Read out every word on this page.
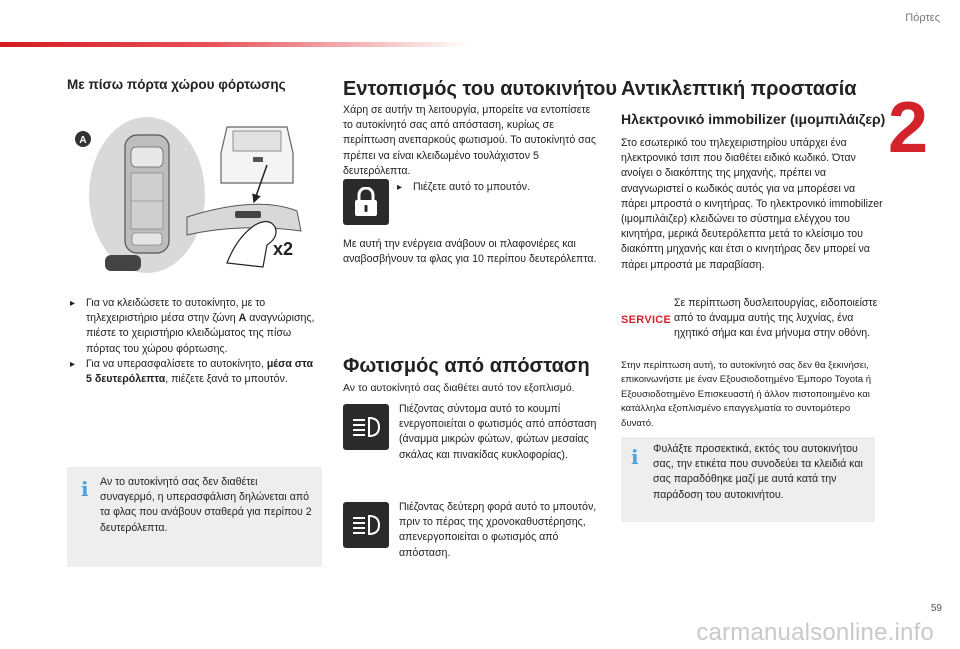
Πόρτες
2
Με πίσω πόρτα χώρου φόρτωσης
A
x2
▸ Για να κλειδώσετε το αυτοκίνητο, με το τηλεχειριστήριο μέσα στην ζώνη A αναγνώρισης, πιέστε το χειριστήριο κλειδώματος της πίσω πόρτας του χώρου φόρτωσης.
▸ Για να υπερασφαλίσετε το αυτοκίνητο, μέσα στα 5 δευτερόλεπτα, πιέζετε ξανά το μπουτόν.
i Αν το αυτοκίνητό σας δεν διαθέτει συναγερμό, η υπερασφάλιση δηλώνεται από τα φλας που ανάβουν σταθερά για περίπου 2 δευτερόλεπτα.
Εντοπισμός του αυτοκινήτου
Χάρη σε αυτήν τη λειτουργία, μπορείτε να εντοπίσετε το αυτοκίνητό σας από απόσταση, κυρίως σε περίπτωση ανεπαρκούς φωτισμού. Το αυτοκίνητό σας πρέπει να είναι κλειδωμένο τουλάχιστον 5 δευτερόλεπτα.
▸ Πιέζετε αυτό το μπουτόν.
Με αυτή την ενέργεια ανάβουν οι πλαφονιέρες και αναβοσβήνουν τα φλας για 10 περίπου δευτερόλεπτα.
Φωτισμός από απόσταση
Αν το αυτοκίνητό σας διαθέτει αυτό τον εξοπλισμό.
Πιέζοντας σύντομα αυτό το κουμπί ενεργοποιείται ο φωτισμός από απόσταση (άναμμα μικρών φώτων, φώτων μεσαίας σκάλας και πινακίδας κυκλοφορίας).
Πιέζοντας δεύτερη φορά αυτό το μπουτόν, πριν το πέρας της χρονοκαθυστέρησης, απενεργοποιείται ο φωτισμός από απόσταση.
Αντικλεπτική προστασία
Ηλεκτρονικό immobilizer (ιμομπιλάιζερ)
Στο εσωτερικό του τηλεχειριστηρίου υπάρχει ένα ηλεκτρονικό τσιπ που διαθέτει ειδικό κωδικό. Όταν ανοίγει ο διακόπτης της μηχανής, πρέπει να αναγνωριστεί ο κωδικός αυτός για να μπορέσει να πάρει μπροστά ο κινητήρας. Το ηλεκτρονικό immobilizer (ιμομπιλάιζερ) κλειδώνει το σύστημα ελέγχου του κινητήρα, μερικά δευτερόλεπτα μετά το κλείσιμο του διακόπτη μηχανής και έτσι ο κινητήρας δεν μπορεί να πάρει μπροστά με παραβίαση.
SERVICE
Σε περίπτωση δυσλειτουργίας, ειδοποιείστε από το άναμμα αυτής της λυχνίας, ένα ηχητικό σήμα και ένα μήνυμα στην οθόνη.
Στην περίπτωση αυτή, το αυτοκίνητό σας δεν θα ξεκινήσει, επικοινωνήστε με έναν Εξουσιοδοτημένο Έμπορο Toyota ή Εξουσιοδοτημένο Επισκευαστή ή άλλον πιστοποιημένο και κατάλληλα εξοπλισμένο επαγγελματία το συντομότερο δυνατό.
i Φυλάξτε προσεκτικά, εκτός του αυτοκινήτου σας, την ετικέτα που συνοδεύει τα κλειδιά και σας παραδόθηκε μαζί με αυτά κατά την παράδοση του αυτοκινήτου.
59
carmanualsonline.info
